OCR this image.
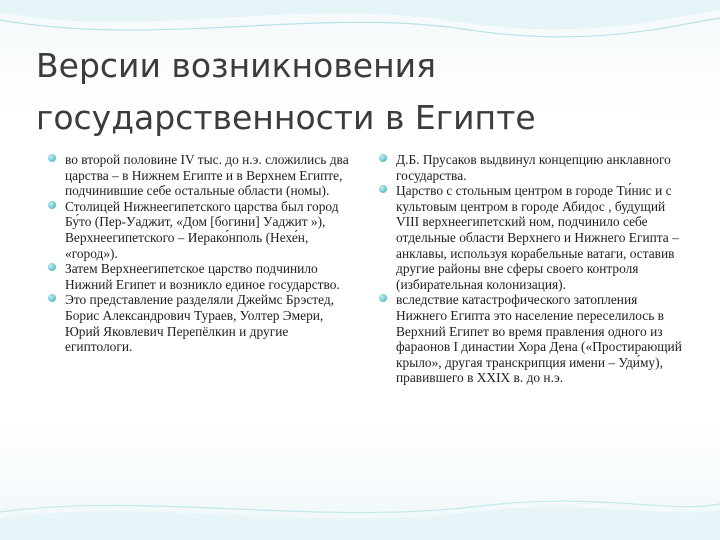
Версии возникновения
государственности в Египте
во второй половине IV тыс. до н.э. сложились два царства – в Нижнем Египте и в Верхнем Египте, подчинившие себе остальные области (номы).
Столицей Нижнеегипетского царства был город Бу́то (Пер-Уаджит, «Дом [богини] Уаджит »), Верхнеегипетского – Иерако́нполь (Нехе́н, «город»).
Затем Верхнеегипетское царство подчинило Нижний Египет и возникло единое государство.
Это представление разделяли Джеймс Брэстед, Борис Александрович Тураев, Уолтер Эмери, Юрий Яковлевич Перепёлкин и другие египтологи.
Д.Б. Прусаков выдвинул концепцию анклавного государства.
Царство с стольным центром в городе Ти́нис и с культовым центром в городе Абидос , будущий VIII верхнеегипетский ном, подчинило себе отдельные области Верхнего и Нижнего Египта – анклавы, используя корабельные ватаги, оставив другие районы вне сферы своего контроля (избирательная колонизация).
вследствие катастрофического затопления Нижнего Египта это население переселилось в Верхний Египет во время правления одного из фараонов I династии Хора Дена («Простирающий крыло», другая транскрипция имени – Уди́му), правившего в XXIX в. до н.э.
